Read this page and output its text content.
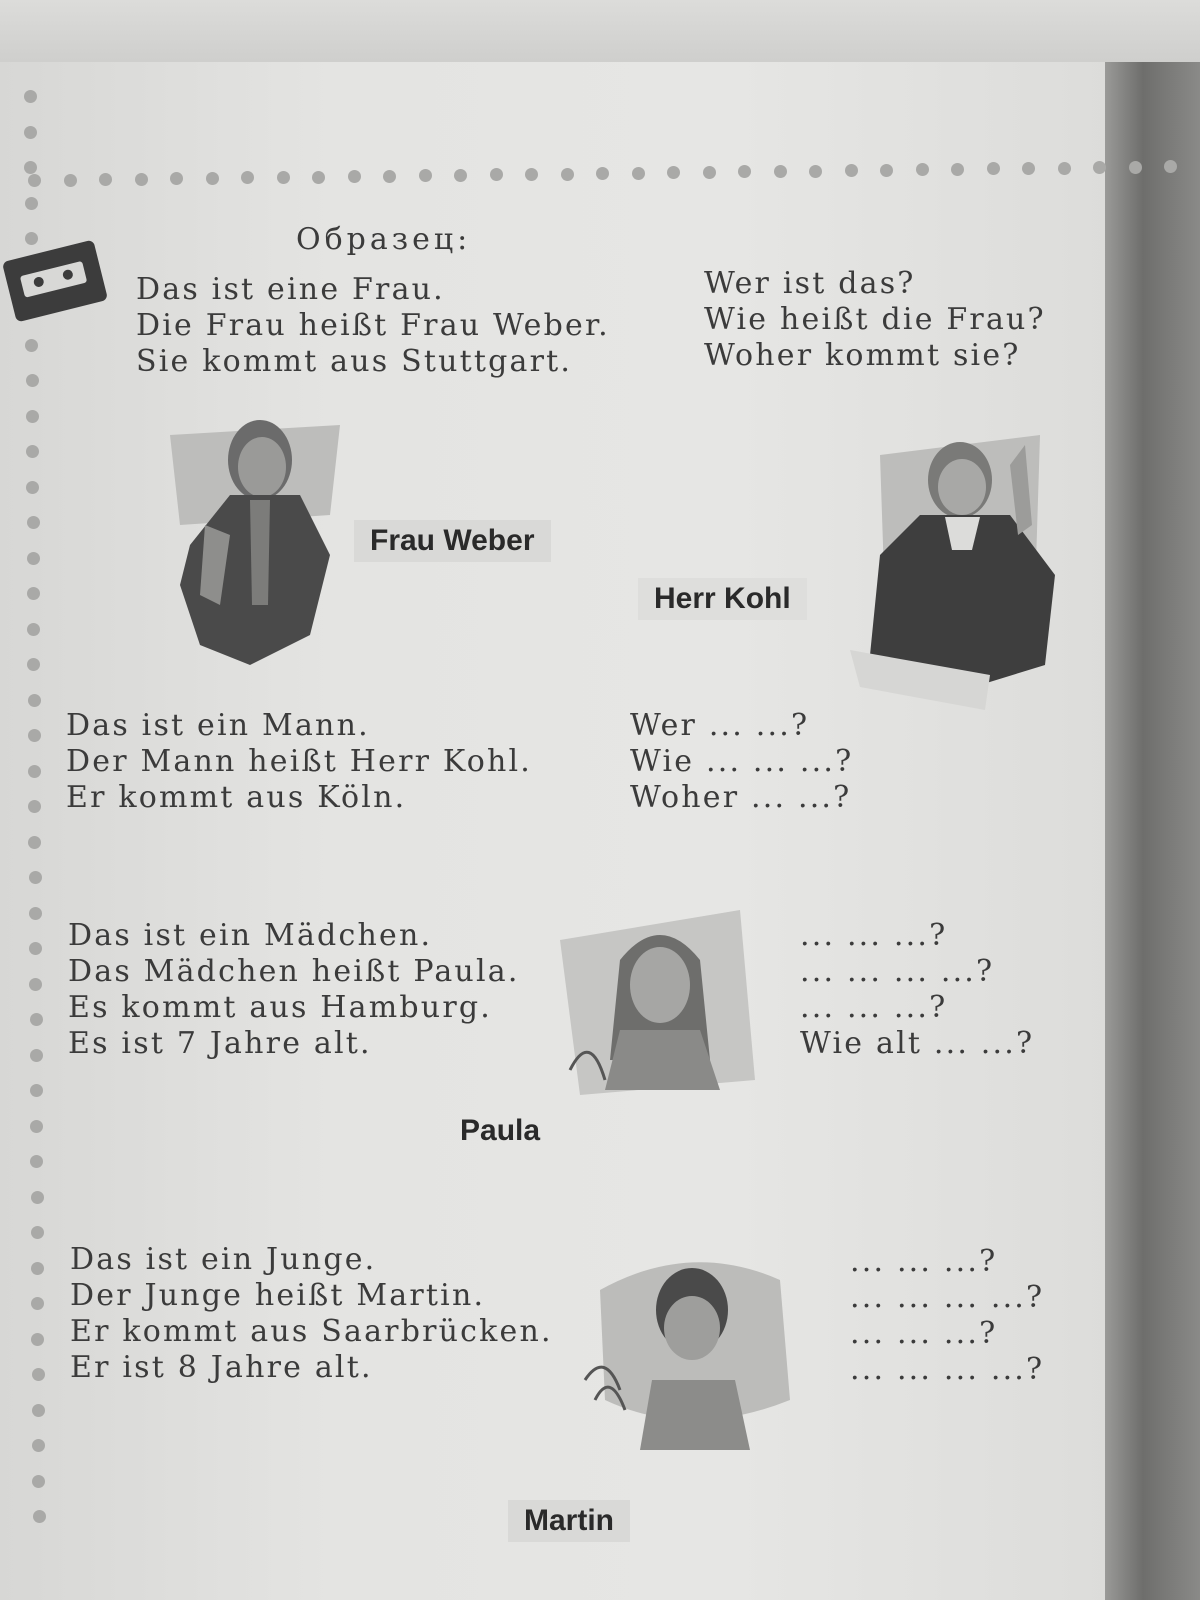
Образец:

Das ist eine Frau.

Die Frau heißt Frau Weber.

Sie kommt aus Stuttgart.

Wer ist das?

Wie heißt die Frau?

Woher kommt sie?

Frau Weber
Herr Kohl

Das ist ein Mann.

Der Mann heißt Herr Kohl.

Er kommt aus Köln.

Wer ... ...?

Wie ... ... ...?

Woher ... ...?

Das ist ein Mädchen.

Das Mädchen heißt Paula.

Es kommt aus Hamburg.

Es ist 7 Jahre alt.

... ... ...?

... ... ... ...?

... ... ...?

Wie alt ... ...?

Paula

Das ist ein Junge.

Der Junge heißt Martin.

Er kommt aus Saarbrücken.

Er ist 8 Jahre alt.

... ... ...?

... ... ... ...?

... ... ...?

... ... ... ...?

Martin
